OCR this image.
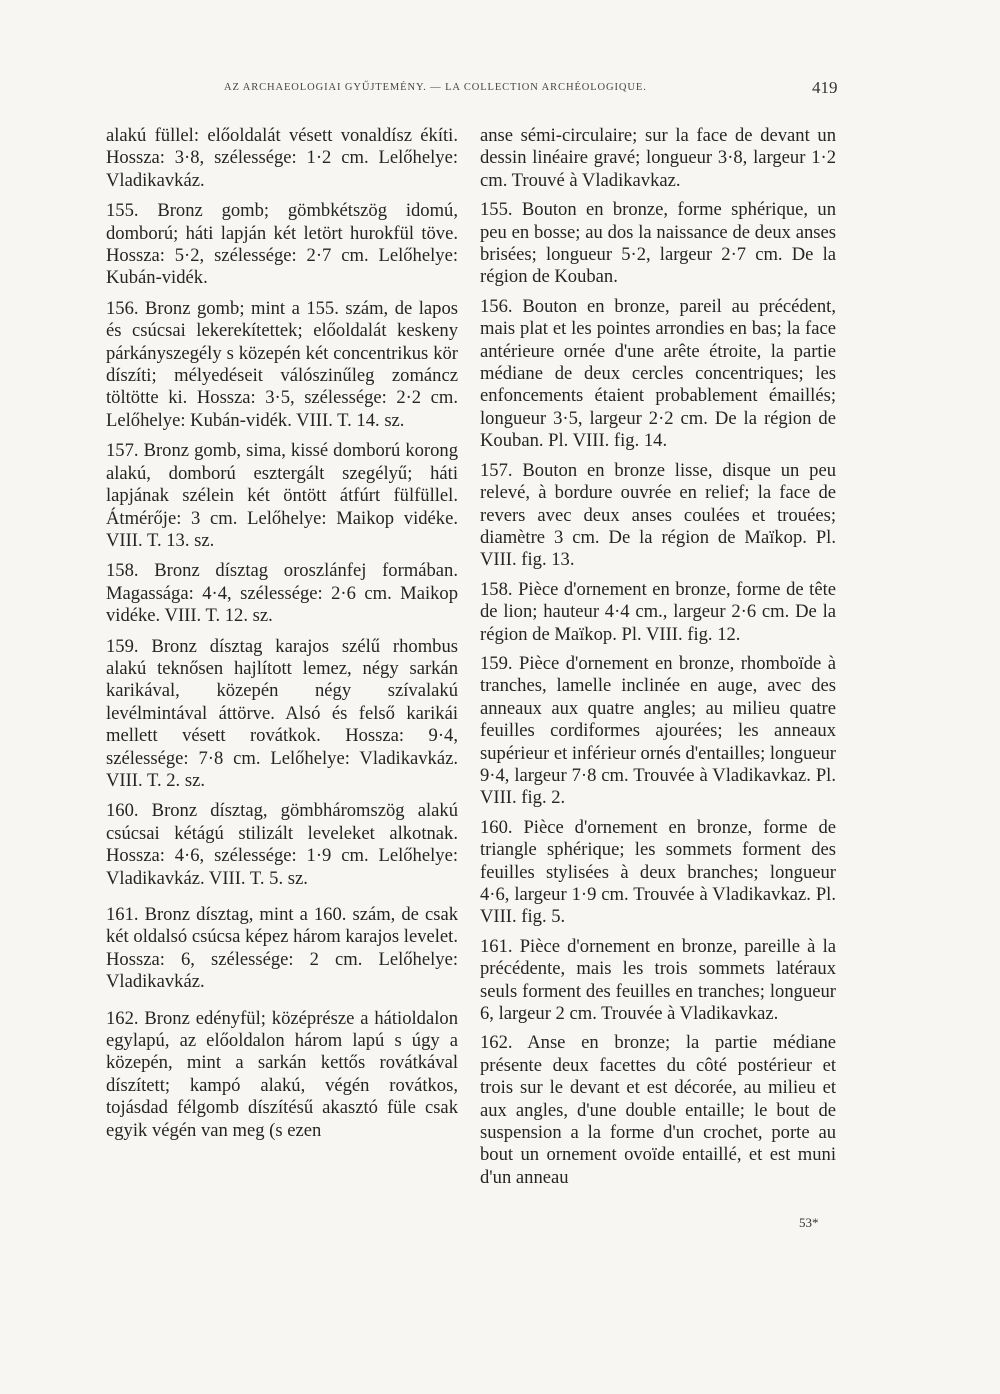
AZ ARCHAEOLOGIAI GYŰJTEMÉNY. — LA COLLECTION ARCHÉOLOGIQUE.	419

alakú füllel: előoldalát vésett vonaldísz ékíti. Hossza: 3·8, szélessége: 1·2 cm. Lelőhelye: Vladikavkáz.

155. Bronz gomb; gömbkétszög idomú, domború; háti lapján két letört hurokfül töve. Hossza: 5·2, szélessége: 2·7 cm. Lelőhelye: Kubán-vidék.

156. Bronz gomb; mint a 155. szám, de lapos és csúcsai lekerekítettek; előoldalát keskeny párkányszegély s közepén két concentrikus kör díszíti; mélyedéseit válószinűleg zománcz töltötte ki. Hossza: 3·5, szélessége: 2·2 cm. Lelőhelye: Kubán-vidék. VIII. T. 14. sz.

157. Bronz gomb, sima, kissé domború korong alakú, domború esztergált szegélyű; háti lapjának szélein két öntött átfúrt fülfüllel. Átmérője: 3 cm. Lelőhelye: Maikop vidéke. VIII. T. 13. sz.

158. Bronz dísztag oroszlánfej formában. Magassága: 4·4, szélessége: 2·6 cm. Maikop vidéke. VIII. T. 12. sz.

159. Bronz dísztag karajos szélű rhombus alakú teknősen hajlított lemez, négy sarkán karikával, közepén négy szívalakú levélmintával áttörve. Alsó és felső karikái mellett vésett rovátkok. Hossza: 9·4, szélessége: 7·8 cm. Lelőhelye: Vladikavkáz. VIII. T. 2. sz.

160. Bronz dísztag, gömbháromszög alakú csúcsai kétágú stilizált leveleket alkotnak. Hossza: 4·6, szélessége: 1·9 cm. Lelőhelye: Vladikavkáz. VIII. T. 5. sz.

161. Bronz dísztag, mint a 160. szám, de csak két oldalsó csúcsa képez három karajos levelet. Hossza: 6, szélessége: 2 cm. Lelőhelye: Vladikavkáz.

162. Bronz edényfül; középrésze a hátioldalon egylapú, az előoldalon három lapú s úgy a közepén, mint a sarkán kettős rovátkával díszített; kampó alakú, végén rovátkos, tojásdad félgomb díszítésű akasztó füle csak egyik végén van meg (s ezen

anse sémi-circulaire; sur la face de devant un dessin linéaire gravé; longueur 3·8, largeur 1·2 cm. Trouvé à Vladikavkaz.

155. Bouton en bronze, forme sphérique, un peu en bosse; au dos la naissance de deux anses brisées; longueur 5·2, largeur 2·7 cm. De la région de Kouban.

156. Bouton en bronze, pareil au précédent, mais plat et les pointes arrondies en bas; la face antérieure ornée d'une arête étroite, la partie médiane de deux cercles concentriques; les enfoncements étaient probablement émaillés; longueur 3·5, largeur 2·2 cm. De la région de Kouban. Pl. VIII. fig. 14.

157. Bouton en bronze lisse, disque un peu relevé, à bordure ouvrée en relief; la face de revers avec deux anses coulées et trouées; diamètre 3 cm. De la région de Maïkop. Pl. VIII. fig. 13.

158. Pièce d'ornement en bronze, forme de tête de lion; hauteur 4·4 cm., largeur 2·6 cm. De la région de Maïkop. Pl. VIII. fig. 12.

159. Pièce d'ornement en bronze, rhomboïde à tranches, lamelle inclinée en auge, avec des anneaux aux quatre angles; au milieu quatre feuilles cordiformes ajourées; les anneaux supérieur et inférieur ornés d'entailles; longueur 9·4, largeur 7·8 cm. Trouvée à Vladikavkaz. Pl. VIII. fig. 2.

160. Pièce d'ornement en bronze, forme de triangle sphérique; les sommets forment des feuilles stylisées à deux branches; longueur 4·6, largeur 1·9 cm. Trouvée à Vladikavkaz. Pl. VIII. fig. 5.

161. Pièce d'ornement en bronze, pareille à la précédente, mais les trois sommets latéraux seuls forment des feuilles en tranches; longueur 6, largeur 2 cm. Trouvée à Vladikavkaz.

162. Anse en bronze; la partie médiane présente deux facettes du côté postérieur et trois sur le devant et est décorée, au milieu et aux angles, d'une double entaille; le bout de suspension a la forme d'un crochet, porte au bout un ornement ovoïde entaillé, et est muni d'un anneau

53*
